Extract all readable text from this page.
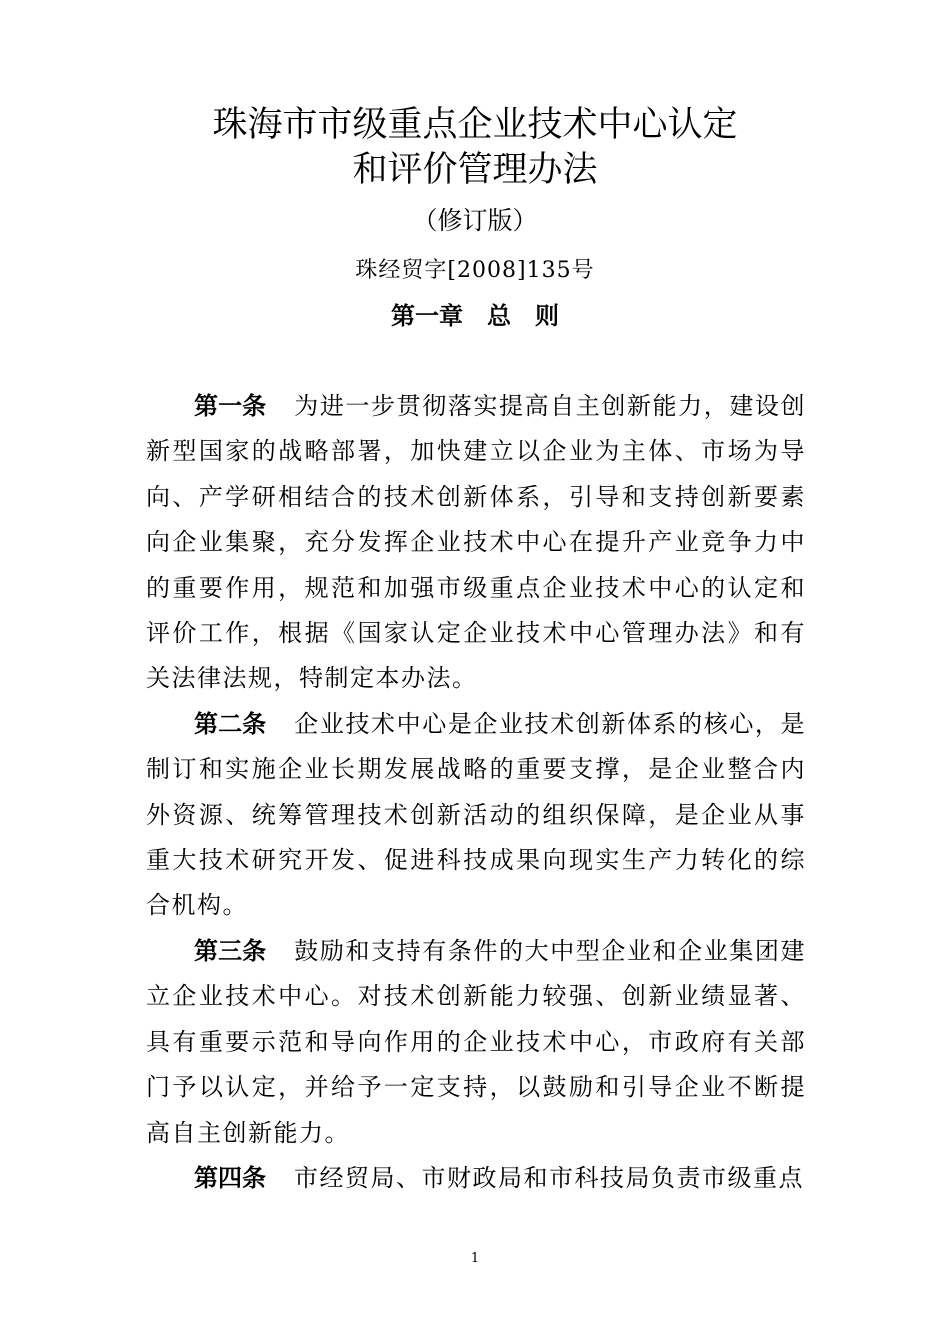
珠海市市级重点企业技术中心认定
和评价管理办法
（修订版）
珠经贸字[2008]135号
第一章　总　则

第一条 为进一步贯彻落实提高自主创新能力，建设创新型国家的战略部署，加快建立以企业为主体、市场为导向、产学研相结合的技术创新体系，引导和支持创新要素向企业集聚，充分发挥企业技术中心在提升产业竞争力中的重要作用，规范和加强市级重点企业技术中心的认定和评价工作，根据《国家认定企业技术中心管理办法》和有关法律法规，特制定本办法。

第二条 企业技术中心是企业技术创新体系的核心，是制订和实施企业长期发展战略的重要支撑，是企业整合内外资源、统筹管理技术创新活动的组织保障，是企业从事重大技术研究开发、促进科技成果向现实生产力转化的综合机构。

第三条 鼓励和支持有条件的大中型企业和企业集团建立企业技术中心。对技术创新能力较强、创新业绩显著、具有重要示范和导向作用的企业技术中心，市政府有关部门予以认定，并给予一定支持，以鼓励和引导企业不断提高自主创新能力。

第四条 市经贸局、市财政局和市科技局负责市级重点

1
